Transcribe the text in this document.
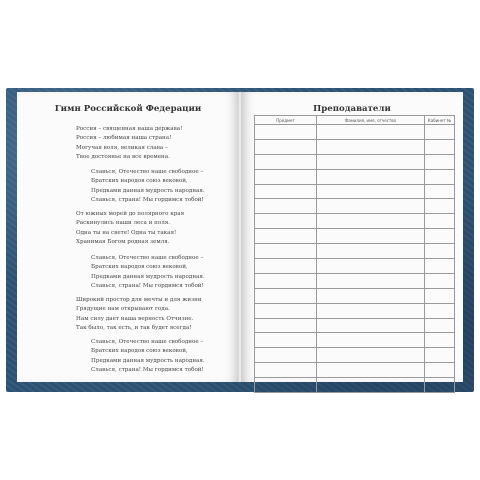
Гимн Российской Федерации
Россия – священная наша держава!
Россия – любимая наша страна!
Могучая воля, великая слава –
Твое достоянье на все времена.
Славься, Отечество наше свободное –
Братских народов союз вековой,
Предками данная мудрость народная.
Славься, страна! Мы гордимся тобой!
От южных морей до полярного края
Раскинулись наши леса и поля.
Одна ты на свете! Одна ты такая!
Хранимая Богом родная земля.
Славься, Отечество наше свободное –
Братских народов союз вековой,
Предками данная мудрость народная.
Славься, страна! Мы гордимся тобой!
Широкий простор для мечты и для жизни
Грядущие нам открывают года.
Нам силу дает наша верность Отчизне.
Так было, так есть, и так будет всегда!
Славься, Отечество наше свободное –
Братских народов союз вековой,
Предками данная мудрость народная.
Славься, страна! Мы гордимся тобой!
Преподаватели
Предмет	Фамилия, имя, отчество	Кабинет №
